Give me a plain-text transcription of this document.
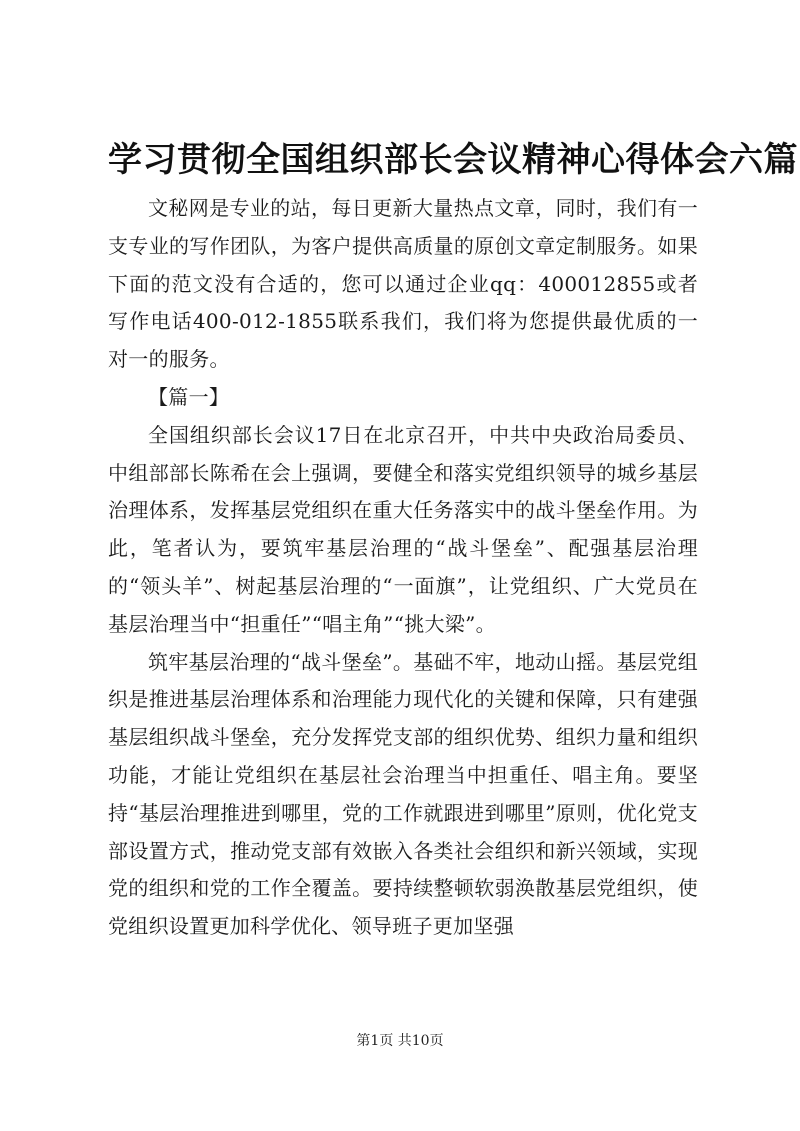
学习贯彻全国组织部长会议精神心得体会六篇

文秘网是专业的站，每日更新大量热点文章，同时，我们有一支专业的写作团队，为客户提供高质量的原创文章定制服务。如果下面的范文没有合适的，您可以通过企业qq：400012855或者写作电话400-012-1855联系我们，我们将为您提供最优质的一对一的服务。

【篇一】

全国组织部长会议17日在北京召开，中共中央政治局委员、中组部部长陈希在会上强调，要健全和落实党组织领导的城乡基层治理体系，发挥基层党组织在重大任务落实中的战斗堡垒作用。为此，笔者认为，要筑牢基层治理的“战斗堡垒”、配强基层治理的“领头羊”、树起基层治理的“一面旗”，让党组织、广大党员在基层治理当中“担重任”“唱主角”“挑大梁”。

筑牢基层治理的“战斗堡垒”。基础不牢，地动山摇。基层党组织是推进基层治理体系和治理能力现代化的关键和保障，只有建强基层组织战斗堡垒，充分发挥党支部的组织优势、组织力量和组织功能，才能让党组织在基层社会治理当中担重任、唱主角。要坚持“基层治理推进到哪里，党的工作就跟进到哪里”原则，优化党支部设置方式，推动党支部有效嵌入各类社会组织和新兴领域，实现党的组织和党的工作全覆盖。要持续整顿软弱涣散基层党组织，使党组织设置更加科学优化、领导班子更加坚强

第1页 共10页
